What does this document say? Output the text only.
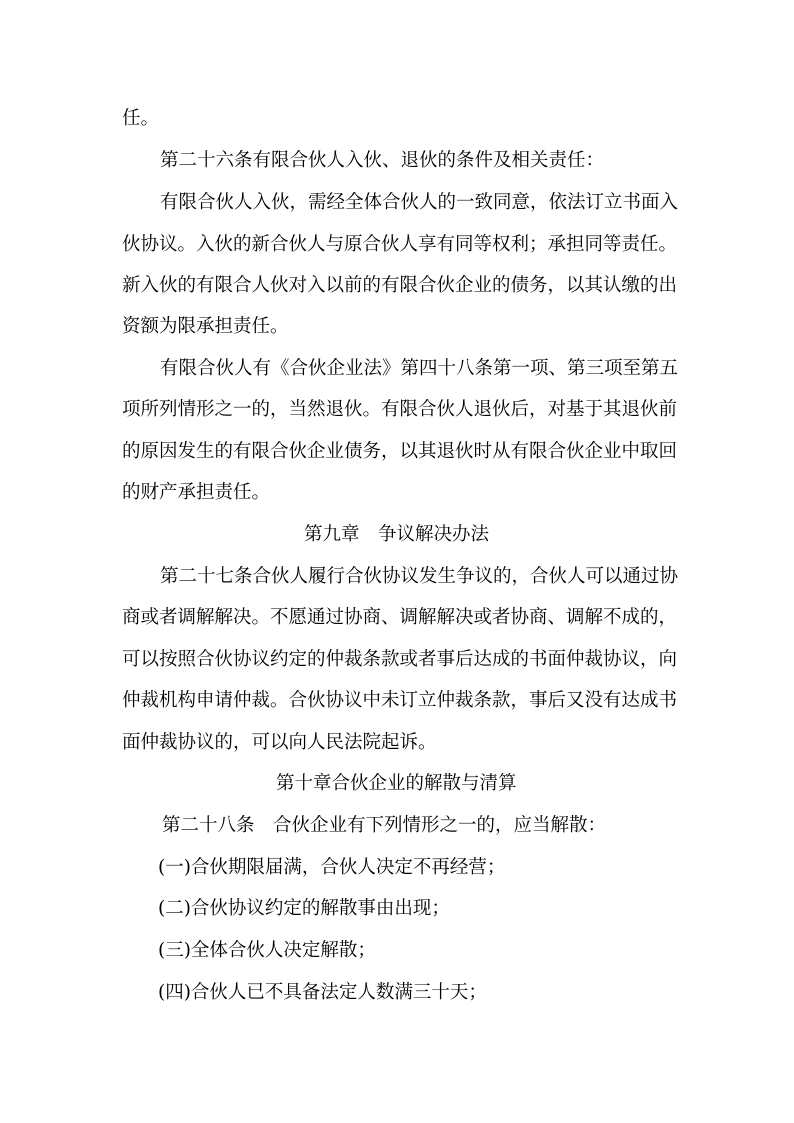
任。
第二十六条有限合伙人入伙、退伙的条件及相关责任：
有限合伙人入伙，需经全体合伙人的一致同意，依法订立书面入
伙协议。入伙的新合伙人与原合伙人享有同等权利；承担同等责任。
新入伙的有限合人伙对入以前的有限合伙企业的债务，以其认缴的出
资额为限承担责任。
有限合伙人有《合伙企业法》第四十八条第一项、第三项至第五
项所列情形之一的，当然退伙。有限合伙人退伙后，对基于其退伙前
的原因发生的有限合伙企业债务，以其退伙时从有限合伙企业中取回
的财产承担责任。
第九章　争议解决办法
第二十七条合伙人履行合伙协议发生争议的，合伙人可以通过协
商或者调解解决。不愿通过协商、调解解决或者协商、调解不成的，
可以按照合伙协议约定的仲裁条款或者事后达成的书面仲裁协议，向
仲裁机构申请仲裁。合伙协议中未订立仲裁条款，事后又没有达成书
面仲裁协议的，可以向人民法院起诉。
第十章合伙企业的解散与清算
第二十八条　合伙企业有下列情形之一的，应当解散：
(一)合伙期限届满，合伙人决定不再经营；
(二)合伙协议约定的解散事由出现；
(三)全体合伙人决定解散；
(四)合伙人已不具备法定人数满三十天；
